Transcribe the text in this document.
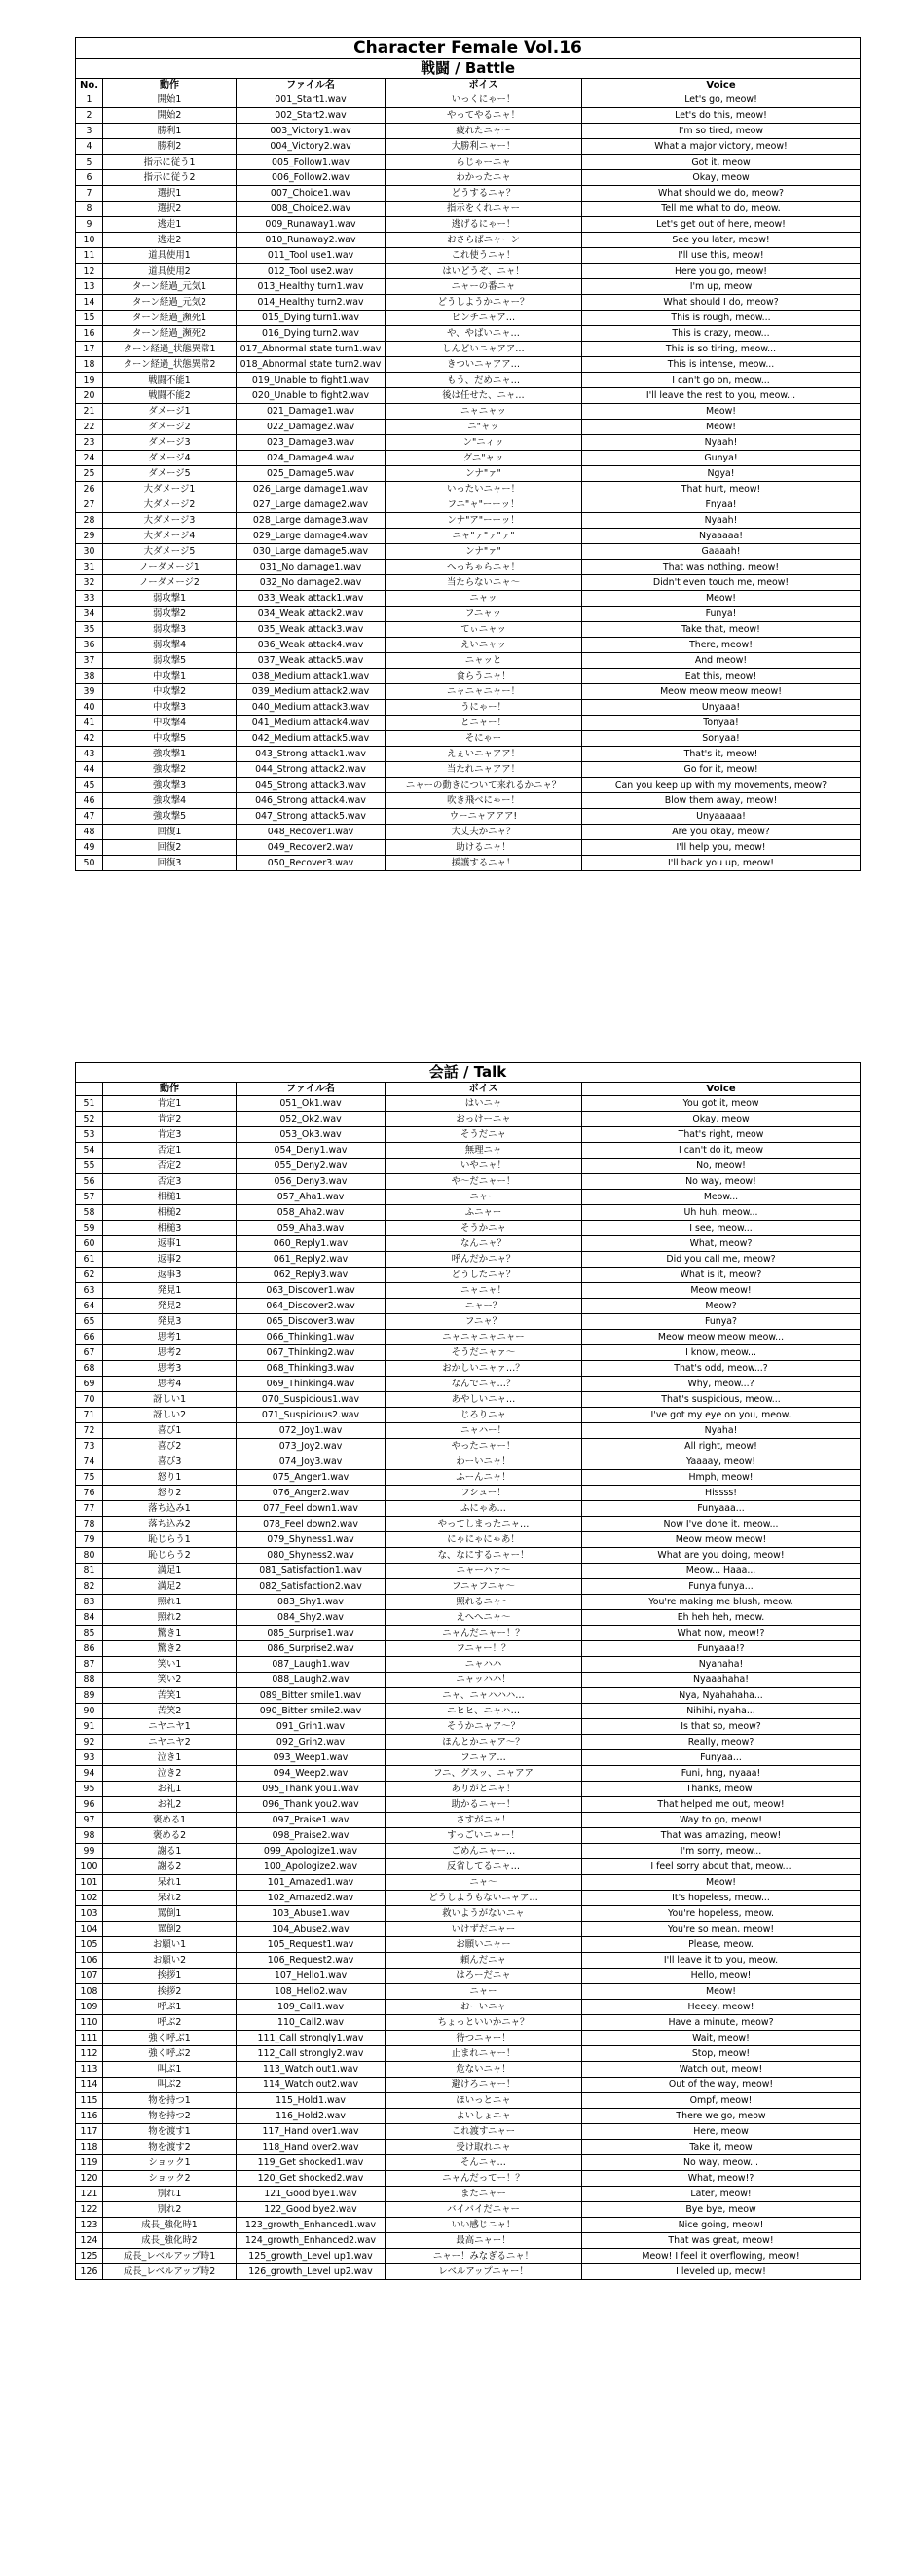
Character Female Vol.16				
戦闘 / Battle				
No.	動作	ファイル名	ボイス	Voice
1	開始1	001_Start1.wav	いっくにゃー！	Let's go, meow!
2	開始2	002_Start2.wav	やってやるニャ！	Let's do this, meow!
3	勝利1	003_Victory1.wav	疲れたニャ～	I'm so tired, meow
4	勝利2	004_Victory2.wav	大勝利ニャー！	What a major victory, meow!
5	指示に従う1	005_Follow1.wav	らじゃーニャ	Got it, meow
6	指示に従う2	006_Follow2.wav	わかったニャ	Okay, meow
7	選択1	007_Choice1.wav	どうするニャ？	What should we do, meow?
8	選択2	008_Choice2.wav	指示をくれニャー	Tell me what to do, meow.
9	逃走1	009_Runaway1.wav	逃げるにゃー！	Let's get out of here, meow!
10	逃走2	010_Runaway2.wav	おさらばニャーン	See you later, meow!
11	道具使用1	011_Tool use1.wav	これ使うニャ！	I'll use this, meow!
12	道具使用2	012_Tool use2.wav	はいどうぞ、ニャ！	Here you go, meow!
13	ターン経過_元気1	013_Healthy turn1.wav	ニャーの番ニャ	I'm up, meow
14	ターン経過_元気2	014_Healthy turn2.wav	どうしようかニャー？	What should I do, meow?
15	ターン経過_瀕死1	015_Dying turn1.wav	ピンチニャア…	This is rough, meow...
16	ターン経過_瀕死2	016_Dying turn2.wav	や、やばいニャ…	This is crazy, meow...
17	ターン経過_状態異常1	017_Abnormal state turn1.wav	しんどいニャアア…	This is so tiring, meow...
18	ターン経過_状態異常2	018_Abnormal state turn2.wav	きついニャアア…	This is intense, meow...
19	戦闘不能1	019_Unable to fight1.wav	もう、だめニャ…	I can't go on, meow...
20	戦闘不能2	020_Unable to fight2.wav	後は任せた、ニャ…	I'll leave the rest to you, meow...
21	ダメージ1	021_Damage1.wav	ニャニャッ	Meow!
22	ダメージ2	022_Damage2.wav	ニ"ャッ	Meow!
23	ダメージ3	023_Damage3.wav	ン"ニィッ	Nyaah!
24	ダメージ4	024_Damage4.wav	グニ"ャッ	Gunya!
25	ダメージ5	025_Damage5.wav	ンナ"ァ"	Ngya!
26	大ダメージ1	026_Large damage1.wav	いったいニャー！	That hurt, meow!
27	大ダメージ2	027_Large damage2.wav	フニ"ャ"ーーッ！	Fnyaa!
28	大ダメージ3	028_Large damage3.wav	ンナ"ア"ーーッ！	Nyaah!
29	大ダメージ4	029_Large damage4.wav	ニャ"ァ"ァ"ァ"	Nyaaaaa!
30	大ダメージ5	030_Large damage5.wav	ンナ"ァ"	Gaaaah!
31	ノーダメージ1	031_No damage1.wav	へっちゃらニャ！	That was nothing, meow!
32	ノーダメージ2	032_No damage2.wav	当たらないニャ～	Didn't even touch me, meow!
33	弱攻撃1	033_Weak attack1.wav	ニャッ	Meow!
34	弱攻撃2	034_Weak attack2.wav	フニャッ	Funya!
35	弱攻撃3	035_Weak attack3.wav	てぃニャッ	Take that, meow!
36	弱攻撃4	036_Weak attack4.wav	えいニャッ	There, meow!
37	弱攻撃5	037_Weak attack5.wav	ニャッと	And meow!
38	中攻撃1	038_Medium attack1.wav	食らうニャ！	Eat this, meow!
39	中攻撃2	039_Medium attack2.wav	ニャニャニャー！	Meow meow meow meow!
40	中攻撃3	040_Medium attack3.wav	うにゃー！	Unyaaa!
41	中攻撃4	041_Medium attack4.wav	とニャー！	Tonyaa!
42	中攻撃5	042_Medium attack5.wav	そにゃー	Sonyaa!
43	強攻撃1	043_Strong attack1.wav	えぇいニャアア！	That's it, meow!
44	強攻撃2	044_Strong attack2.wav	当たれニャアア！	Go for it, meow!
45	強攻撃3	045_Strong attack3.wav	ニャーの動きについて来れるかニャ？	Can you keep up with my movements, meow?
46	強攻撃4	046_Strong attack4.wav	吹き飛べにゃー！	Blow them away, meow!
47	強攻撃5	047_Strong attack5.wav	ウーニャアアア!	Unyaaaaa!
48	回復1	048_Recover1.wav	大丈夫かニャ？	Are you okay, meow?
49	回復2	049_Recover2.wav	助けるニャ！	I'll help you, meow!
50	回復3	050_Recover3.wav	援護するニャ！	I'll back you up, meow!
会話 / Talk				
	動作	ファイル名	ボイス	Voice
51	肯定1	051_Ok1.wav	はいニャ	You got it, meow
52	肯定2	052_Ok2.wav	おっけーニャ	Okay, meow
53	肯定3	053_Ok3.wav	そうだニャ	That's right, meow
54	否定1	054_Deny1.wav	無理ニャ	I can't do it, meow
55	否定2	055_Deny2.wav	いやニャ！	No, meow!
56	否定3	056_Deny3.wav	や～だニャー！	No way, meow!
57	相槌1	057_Aha1.wav	ニャー	Meow...
58	相槌2	058_Aha2.wav	ふニャー	Uh huh, meow...
59	相槌3	059_Aha3.wav	そうかニャ	I see, meow...
60	返事1	060_Reply1.wav	なんニャ？	What, meow?
61	返事2	061_Reply2.wav	呼んだかニャ？	Did you call me, meow?
62	返事3	062_Reply3.wav	どうしたニャ？	What is it, meow?
63	発見1	063_Discover1.wav	ニャニャ！	Meow meow!
64	発見2	064_Discover2.wav	ニャー？	Meow?
65	発見3	065_Discover3.wav	フニャ？	Funya?
66	思考1	066_Thinking1.wav	ニャニャニャニャー	Meow meow meow meow...
67	思考2	067_Thinking2.wav	そうだニャァ～	I know, meow...
68	思考3	068_Thinking3.wav	おかしいニャァ…？	That's odd, meow...?
69	思考4	069_Thinking4.wav	なんでニャ…？	Why, meow...?
70	訝しい1	070_Suspicious1.wav	あやしいニャ…	That's suspicious, meow...
71	訝しい2	071_Suspicious2.wav	じろりニャ	I've got my eye on you, meow.
72	喜び1	072_Joy1.wav	ニャハー！	Nyaha!
73	喜び2	073_Joy2.wav	やったニャー！	All right, meow!
74	喜び3	074_Joy3.wav	わーいニャ！	Yaaaay, meow!
75	怒り1	075_Anger1.wav	ふーんニャ！	Hmph, meow!
76	怒り2	076_Anger2.wav	フシュー！	Hissss!
77	落ち込み1	077_Feel down1.wav	ふにゃあ…	Funyaaa...
78	落ち込み2	078_Feel down2.wav	やってしまったニャ…	Now I've done it, meow...
79	恥じらう1	079_Shyness1.wav	にゃにゃにゃあ！	Meow meow meow!
80	恥じらう2	080_Shyness2.wav	な、なにするニャー！	What are you doing, meow!
81	満足1	081_Satisfaction1.wav	ニャーハァ～	Meow... Haaa...
82	満足2	082_Satisfaction2.wav	フニャフニャ～	Funya funya...
83	照れ1	083_Shy1.wav	照れるニャ～	You're making me blush, meow.
84	照れ2	084_Shy2.wav	えへへニャ～	Eh heh heh, meow.
85	驚き1	085_Surprise1.wav	ニャんだニャー！？	What now, meow!?
86	驚き2	086_Surprise2.wav	フニャー！？	Funyaaa!?
87	笑い1	087_Laugh1.wav	ニャハハ	Nyahaha!
88	笑い2	088_Laugh2.wav	ニャッハハ！	Nyaaahaha!
89	苦笑1	089_Bitter smile1.wav	ニャ、ニャハハハ…	Nya, Nyahahaha...
90	苦笑2	090_Bitter smile2.wav	ニヒヒ、ニャハ…	Nihihi, nyaha...
91	ニヤニヤ1	091_Grin1.wav	そうかニャア～？	Is that so, meow?
92	ニヤニヤ2	092_Grin2.wav	ほんとかニャア～？	Really, meow?
93	泣き1	093_Weep1.wav	フニャア…	Funyaa...
94	泣き2	094_Weep2.wav	フニ、グスッ、ニャアア	Funi, hng, nyaaa!
95	お礼1	095_Thank you1.wav	ありがとニャ！	Thanks, meow!
96	お礼2	096_Thank you2.wav	助かるニャー！	That helped me out, meow!
97	褒める1	097_Praise1.wav	さすがニャ！	Way to go, meow!
98	褒める2	098_Praise2.wav	すっごいニャー！	That was amazing, meow!
99	謝る1	099_Apologize1.wav	ごめんニャー…	I'm sorry, meow...
100	謝る2	100_Apologize2.wav	反省してるニャ…	I feel sorry about that, meow...
101	呆れ1	101_Amazed1.wav	ニャ～	Meow!
102	呆れ2	102_Amazed2.wav	どうしようもないニャア…	It's hopeless, meow...
103	罵倒1	103_Abuse1.wav	救いようがないニャ	You're hopeless, meow.
104	罵倒2	104_Abuse2.wav	いけずだニャー	You're so mean, meow!
105	お願い1	105_Request1.wav	お願いニャー	Please, meow.
106	お願い2	106_Request2.wav	頼んだニャ	I'll leave it to you, meow.
107	挨拶1	107_Hello1.wav	はろーだニャ	Hello, meow!
108	挨拶2	108_Hello2.wav	ニャー	Meow!
109	呼ぶ1	109_Call1.wav	おーいニャ	Heeey, meow!
110	呼ぶ2	110_Call2.wav	ちょっといいかニャ？	Have a minute, meow?
111	強く呼ぶ1	111_Call strongly1.wav	待つニャー！	Wait, meow!
112	強く呼ぶ2	112_Call strongly2.wav	止まれニャー！	Stop, meow!
113	叫ぶ1	113_Watch out1.wav	危ないニャ！	Watch out, meow!
114	叫ぶ2	114_Watch out2.wav	避けろニャー！	Out of the way, meow!
115	物を持つ1	115_Hold1.wav	ほいっとニャ	Ompf, meow!
116	物を持つ2	116_Hold2.wav	よいしょニャ	There we go, meow
117	物を渡す1	117_Hand over1.wav	これ渡すニャー	Here, meow
118	物を渡す2	118_Hand over2.wav	受け取れニャ	Take it, meow
119	ショック1	119_Get shocked1.wav	そんニャ…	No way, meow...
120	ショック2	120_Get shocked2.wav	ニャんだってー！？	What, meow!?
121	別れ1	121_Good bye1.wav	またニャー	Later, meow!
122	別れ2	122_Good bye2.wav	バイバイだニャー	Bye bye, meow
123	成長_強化時1	123_growth_Enhanced1.wav	いい感じニャ！	Nice going, meow!
124	成長_強化時2	124_growth_Enhanced2.wav	最高ニャー！	That was great, meow!
125	成長_レベルアップ時1	125_growth_Level up1.wav	ニャー！みなぎるニャ！	Meow! I feel it overflowing, meow!
126	成長_レベルアップ時2	126_growth_Level up2.wav	レベルアップニャー！	I leveled up, meow!
